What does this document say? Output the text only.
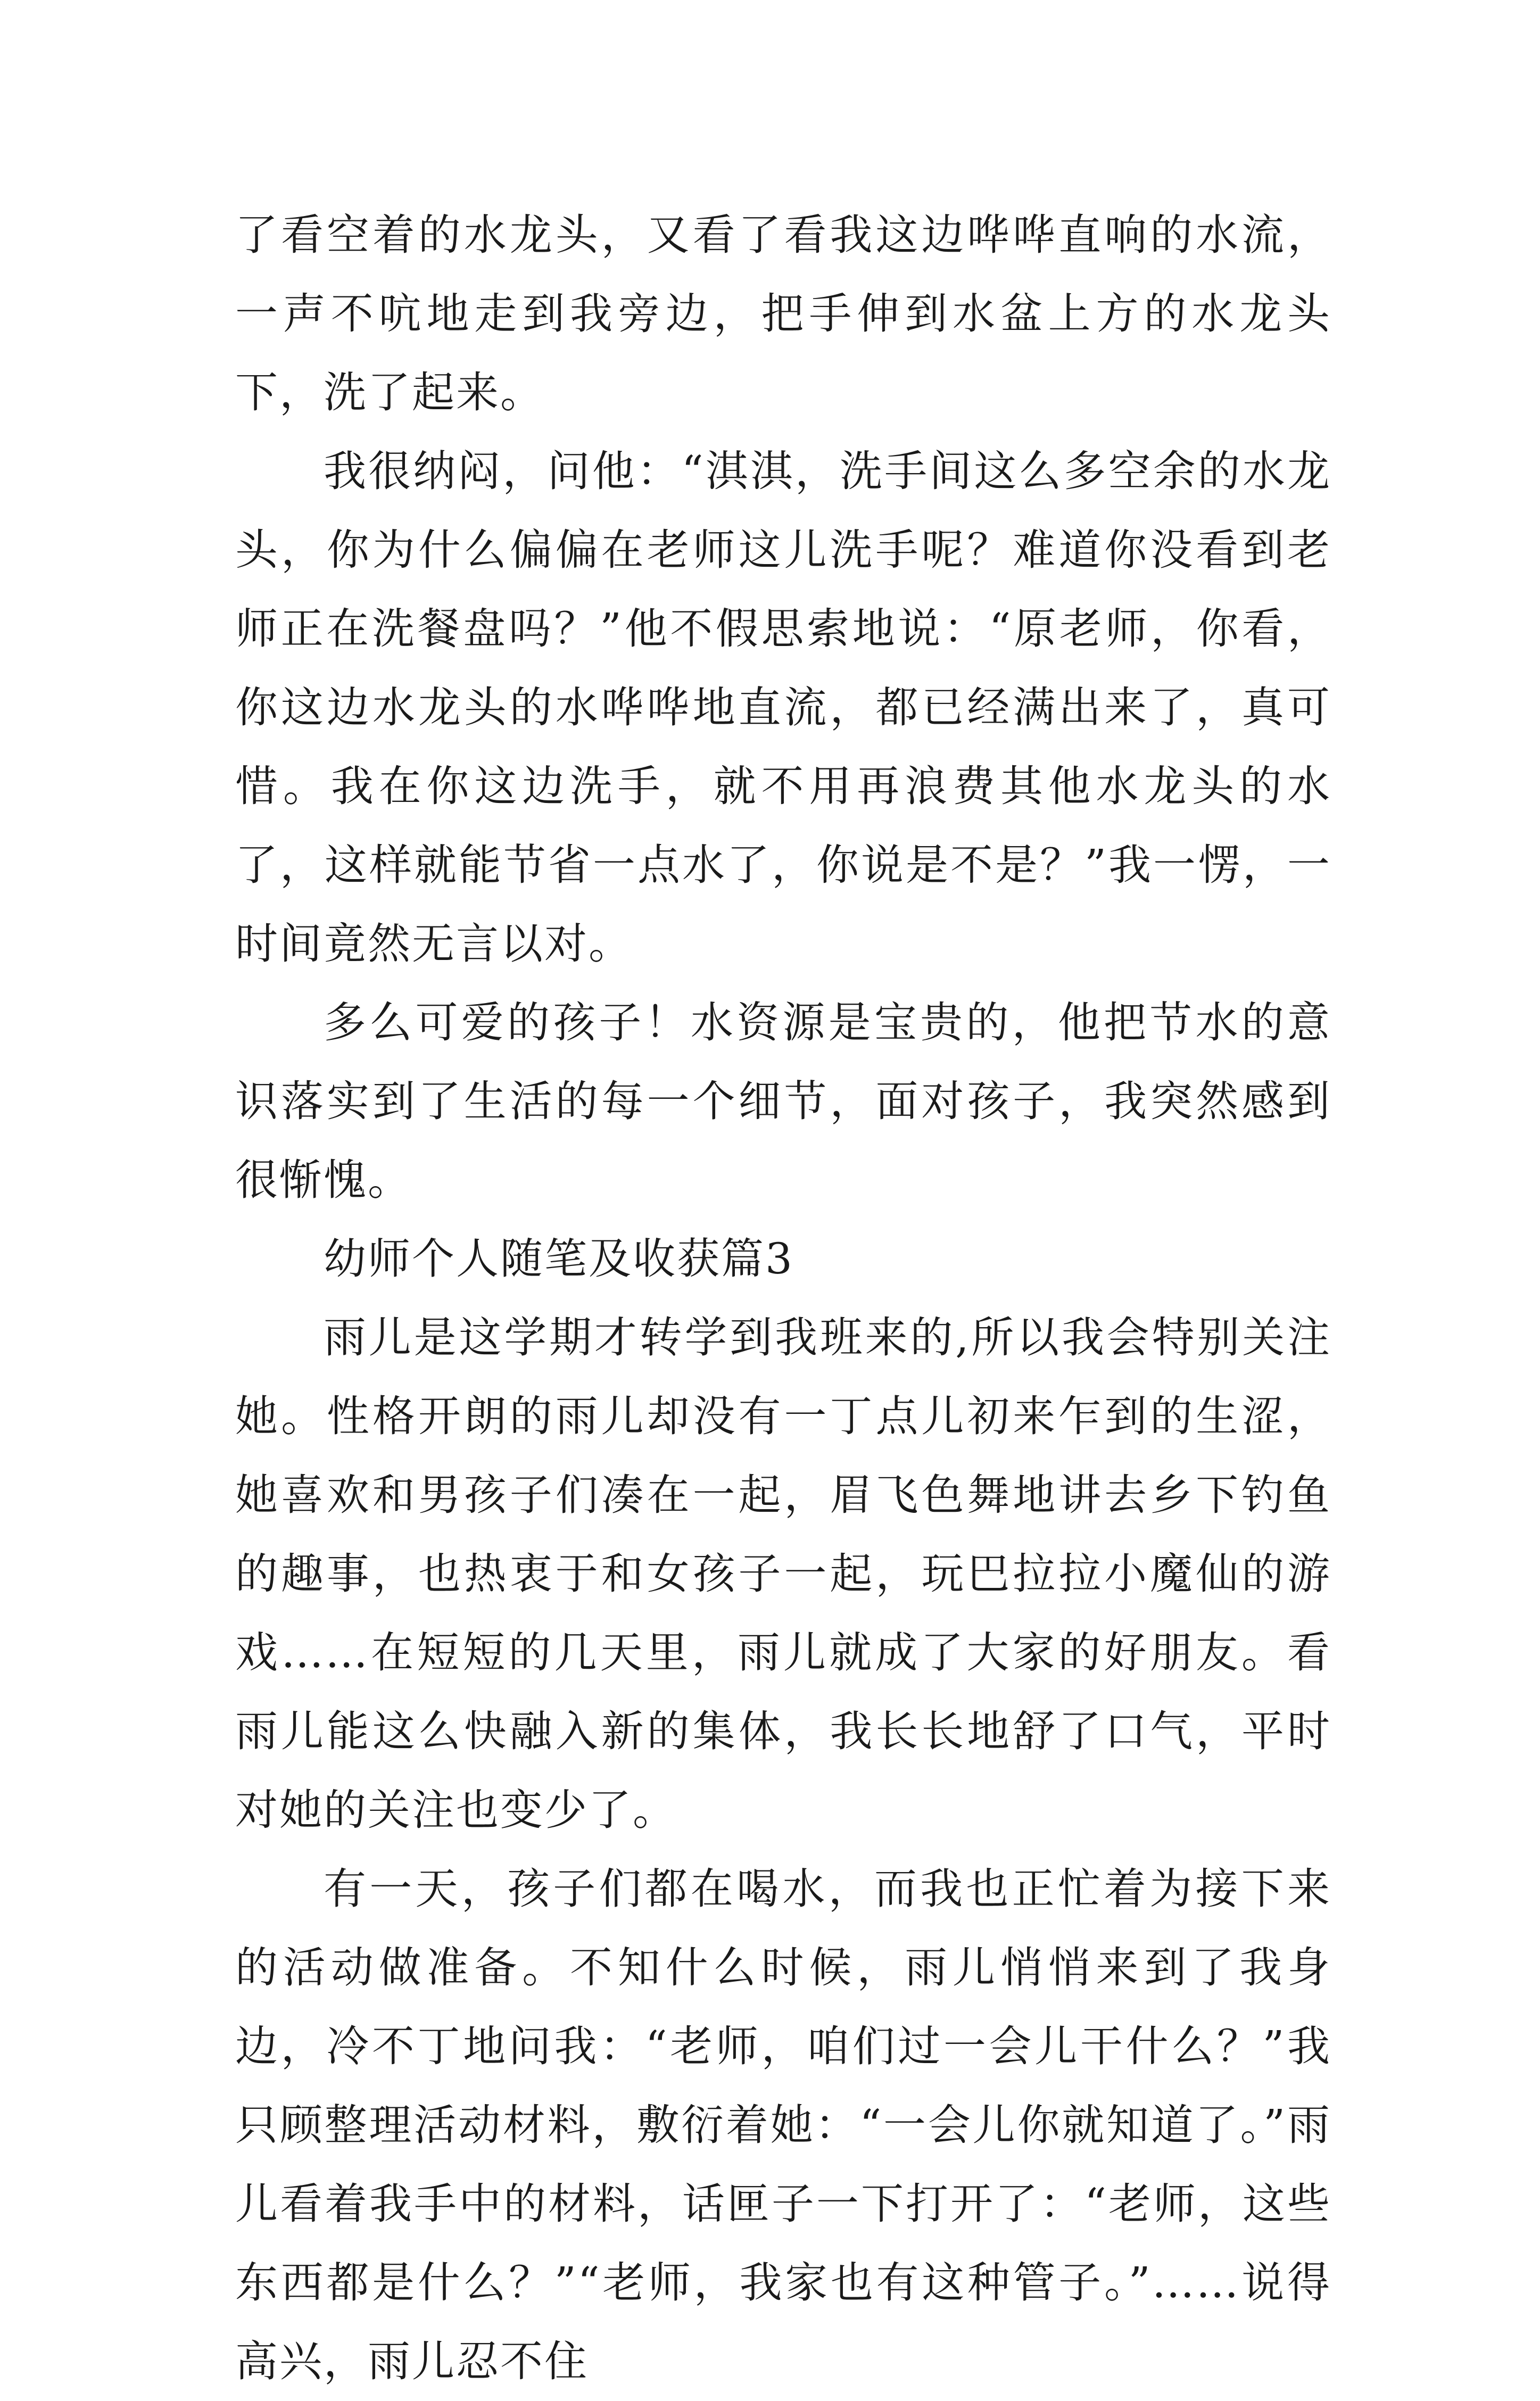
了看空着的水龙头，又看了看我这边哗哗直响的水流，一声不吭地走到我旁边，把手伸到水盆上方的水龙头下，洗了起来。

我很纳闷，问他：“淇淇，洗手间这么多空余的水龙头，你为什么偏偏在老师这儿洗手呢？难道你没看到老师正在洗餐盘吗？”他不假思索地说：“原老师，你看，你这边水龙头的水哗哗地直流，都已经满出来了，真可惜。我在你这边洗手，就不用再浪费其他水龙头的水了，这样就能节省一点水了，你说是不是？”我一愣，一时间竟然无言以对。

多么可爱的孩子！水资源是宝贵的，他把节水的意识落实到了生活的每一个细节，面对孩子，我突然感到很惭愧。

幼师个人随笔及收获篇3

雨儿是这学期才转学到我班来的,所以我会特别关注她。性格开朗的雨儿却没有一丁点儿初来乍到的生涩，她喜欢和男孩子们凑在一起，眉飞色舞地讲去乡下钓鱼的趣事，也热衷于和女孩子一起，玩巴拉拉小魔仙的游戏……在短短的几天里，雨儿就成了大家的好朋友。看雨儿能这么快融入新的集体，我长长地舒了口气，平时对她的关注也变少了。

有一天，孩子们都在喝水，而我也正忙着为接下来的活动做准备。不知什么时候，雨儿悄悄来到了我身边，冷不丁地问我：“老师，咱们过一会儿干什么？”我只顾整理活动材料，敷衍着她：“一会儿你就知道了。”雨儿看着我手中的材料，话匣子一下打开了：“老师，这些东西都是什么？”“老师，我家也有这种管子。”……说得高兴，雨儿忍不住
